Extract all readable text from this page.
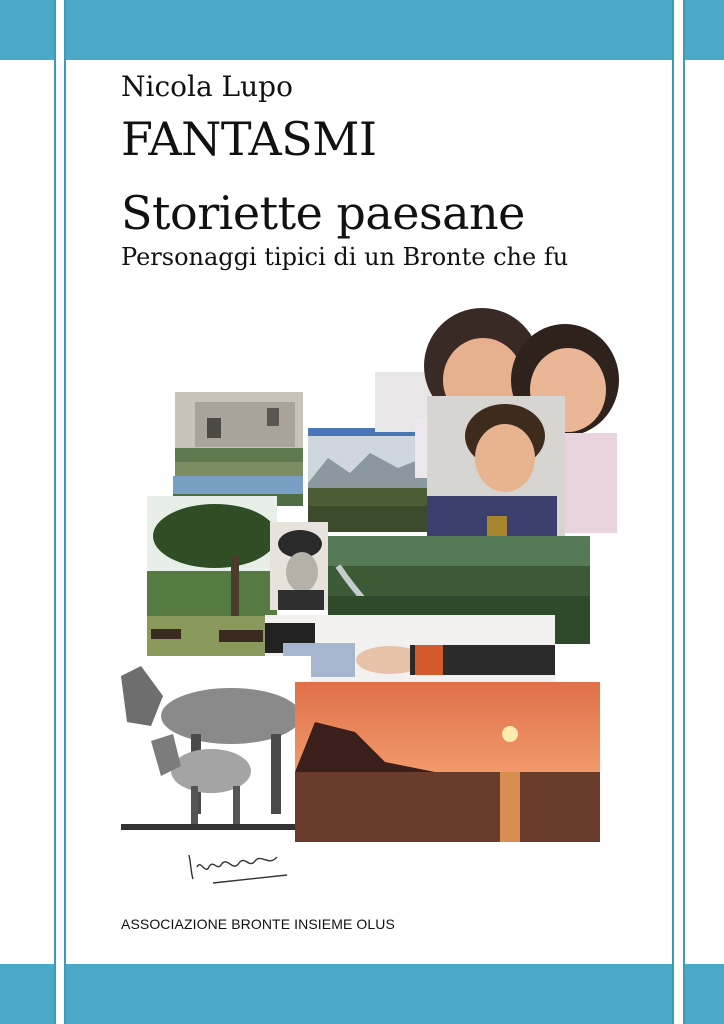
Nicola Lupo
FANTASMI
Storiette paesane
Personaggi tipici di un Bronte che fu
ASSOCIAZIONE BRONTE INSIEME OLUS
